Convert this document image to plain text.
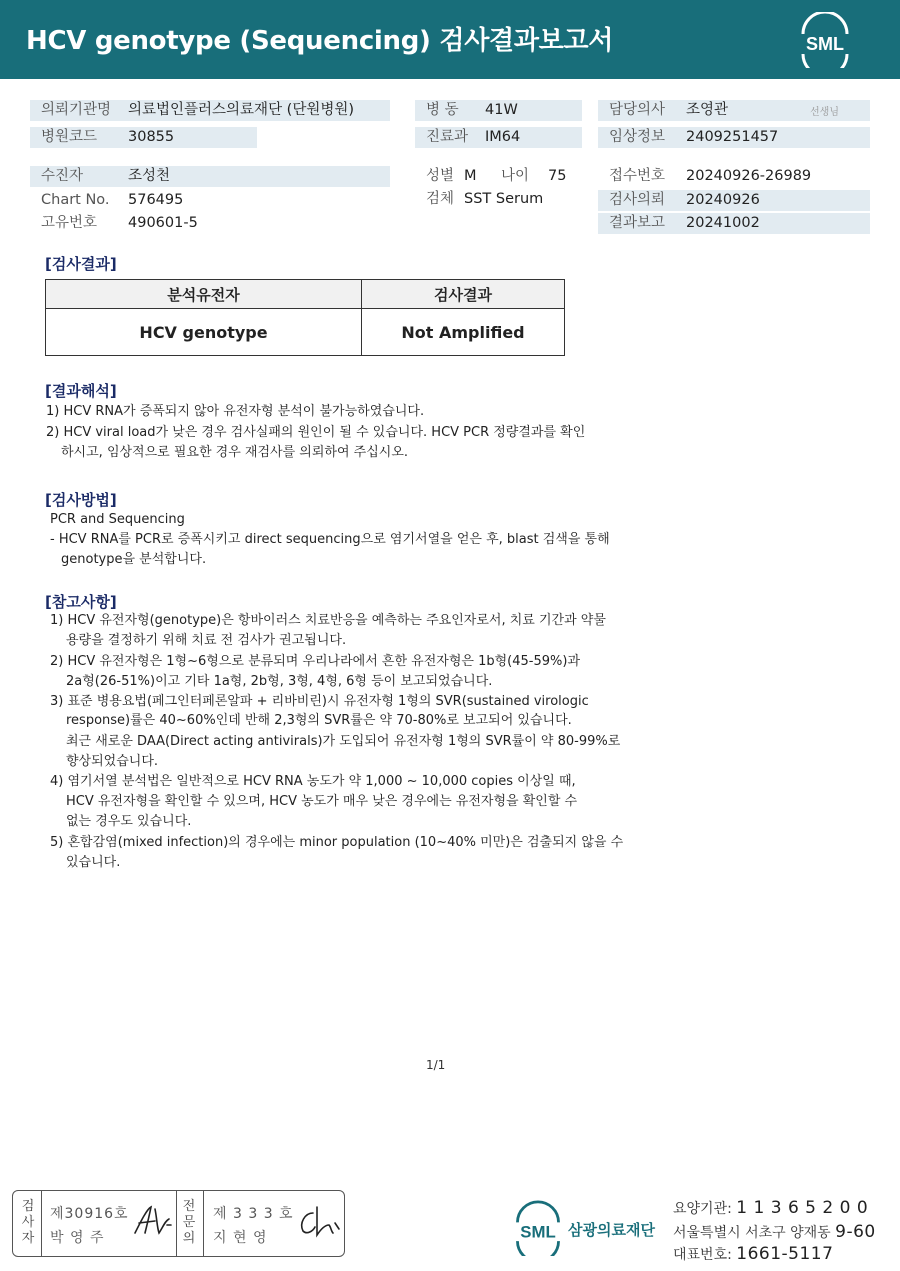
HCV genotype (Sequencing) 검사결과보고서	SML
의뢰기관명 의료법인플러스의료재단 (단원병원)
병원코드 30855
병 동 41W
진료과 IM64
담당의사 조영관	선생님
임상정보 2409251457
수진자	조성천
Chart No. 576495
고유번호 490601-5
성별 M 나이 75
검체 SST Serum
접수번호 20240926-26989
검사의뢰 20240926
결과보고 20241002
[검사결과]
분석유전자	검사결과
HCV genotype	Not Amplified
[결과해석]
1) HCV RNA가 증폭되지 않아 유전자형 분석이 불가능하였습니다.
2) HCV viral load가 낮은 경우 검사실패의 원인이 될 수 있습니다. HCV PCR 정량결과를 확인
하시고, 임상적으로 필요한 경우 재검사를 의뢰하여 주십시오.
[검사방법]
PCR and Sequencing
- HCV RNA를 PCR로 증폭시키고 direct sequencing으로 염기서열을 얻은 후, blast 검색을 통해
genotype을 분석합니다.
[참고사항]
1) HCV 유전자형(genotype)은 항바이러스 치료반응을 예측하는 주요인자로서, 치료 기간과 약물
용량을 결정하기 위해 치료 전 검사가 권고됩니다.
2) HCV 유전자형은 1형~6형으로 분류되며 우리나라에서 흔한 유전자형은 1b형(45-59%)과
2a형(26-51%)이고 기타 1a형, 2b형, 3형, 4형, 6형 등이 보고되었습니다.
3) 표준 병용요법(페그인터페론알파 + 리바비린)시 유전자형 1형의 SVR(sustained virologic
response)률은 40~60%인데 반해 2,3형의 SVR률은 약 70-80%로 보고되어 있습니다.
최근 새로운 DAA(Direct acting antivirals)가 도입되어 유전자형 1형의 SVR률이 약 80-99%로
향상되었습니다.
4) 염기서열 분석법은 일반적으로 HCV RNA 농도가 약 1,000 ~ 10,000 copies 이상일 때,
HCV 유전자형을 확인할 수 있으며, HCV 농도가 매우 낮은 경우에는 유전자형을 확인할 수
없는 경우도 있습니다.
5) 혼합감염(mixed infection)의 경우에는 minor population (10~40% 미만)은 검출되지 않을 수
있습니다.
1/1
검사자
제30916호
박 영 주
전문의
제 3 3 3 호
지 현 영	SML 삼광의료재단
요양기관: 1 1 3 6 5 2 0 0
서울특별시 서초구 양재동 9-60
대표번호: 1661-5117
